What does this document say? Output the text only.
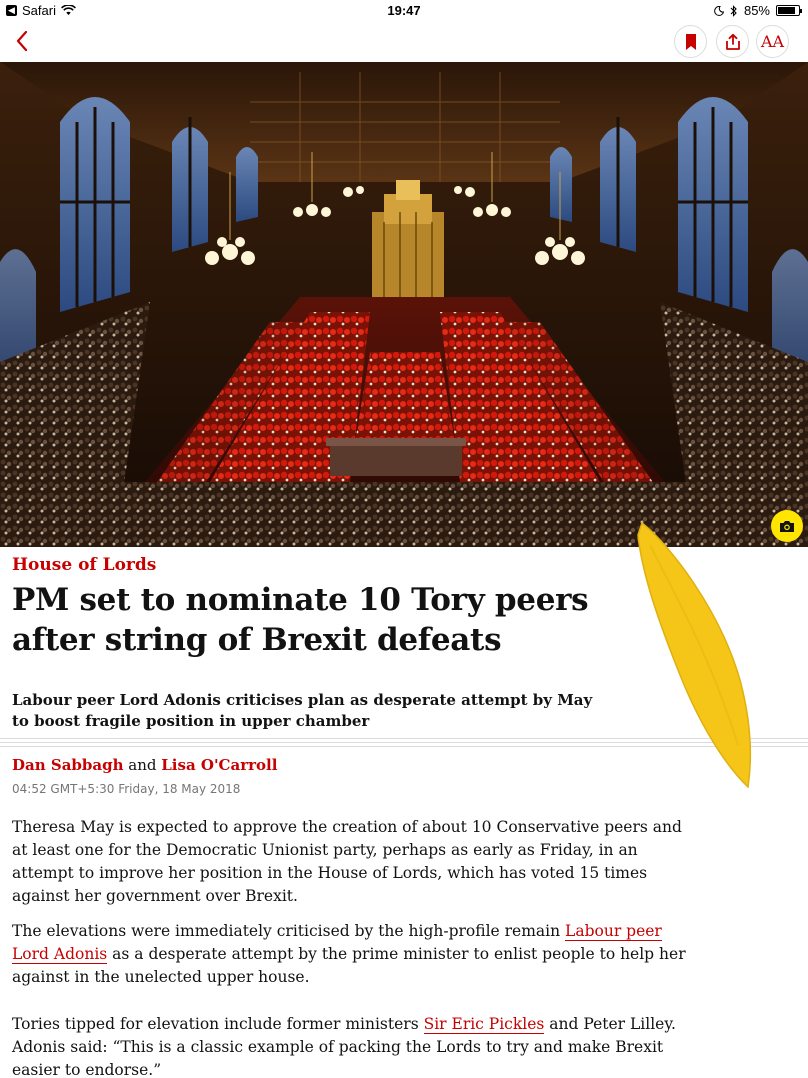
◀ Safari	19:47	85%
AA
House of Lords
PM set to nominate 10 Tory peers after string of Brexit defeats

Labour peer Lord Adonis criticises plan as desperate attempt by May to boost fragile position in upper chamber

Dan Sabbagh and Lisa O'Carroll
04:52 GMT+5:30 Friday, 18 May 2018

Theresa May is expected to approve the creation of about 10 Conservative peers and at least one for the Democratic Unionist party, perhaps as early as Friday, in an attempt to improve her position in the House of Lords, which has voted 15 times against her government over Brexit.

The elevations were immediately criticised by the high-profile remain Labour peer Lord Adonis as a desperate attempt by the prime minister to enlist people to help her against in the unelected upper house.

Tories tipped for elevation include former ministers Sir Eric Pickles and Peter Lilley. Adonis said: “This is a classic example of packing the Lords to try and make Brexit easier to endorse.”
